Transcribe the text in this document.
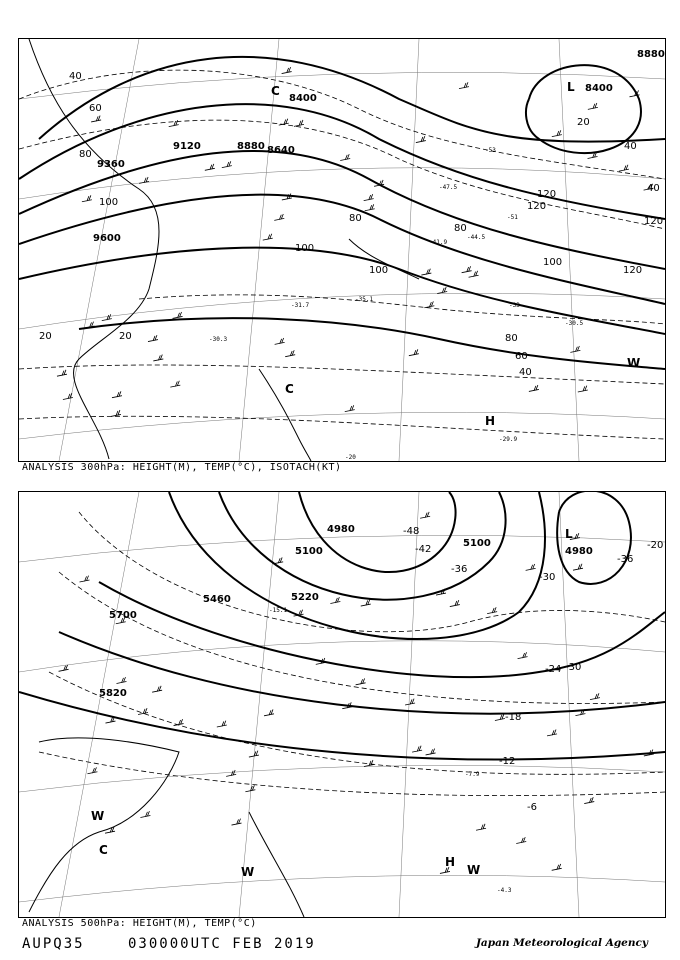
-20
-35.1
-31.7
-30.5
-33
-41.9
-51
-53
-47.5
-29.9
-30.3
-44.5
8400
8640
8880
9120
9360
9600
8400
8880
60
80
100
80
100
80
100
120
120
100
120
80
60
40
20	20
40
40
20
40
120
L
H
C
C
W
ANALYSIS 300hPa: HEIGHT(M), TEMP(°C), ISOTACH(KT)
-48
-42
-36
-36
-30
-24
-18
-12
-6
-30
-20
-15.1
-7.9
-4.3
4980
5100
5100
4980
5220
5700
5820
5460
L
H
C
W
W	W
ANALYSIS 500hPa: HEIGHT(M), TEMP(°C)
AUPQ35	030000UTC FEB 2019	Japan Meteorological Agency
